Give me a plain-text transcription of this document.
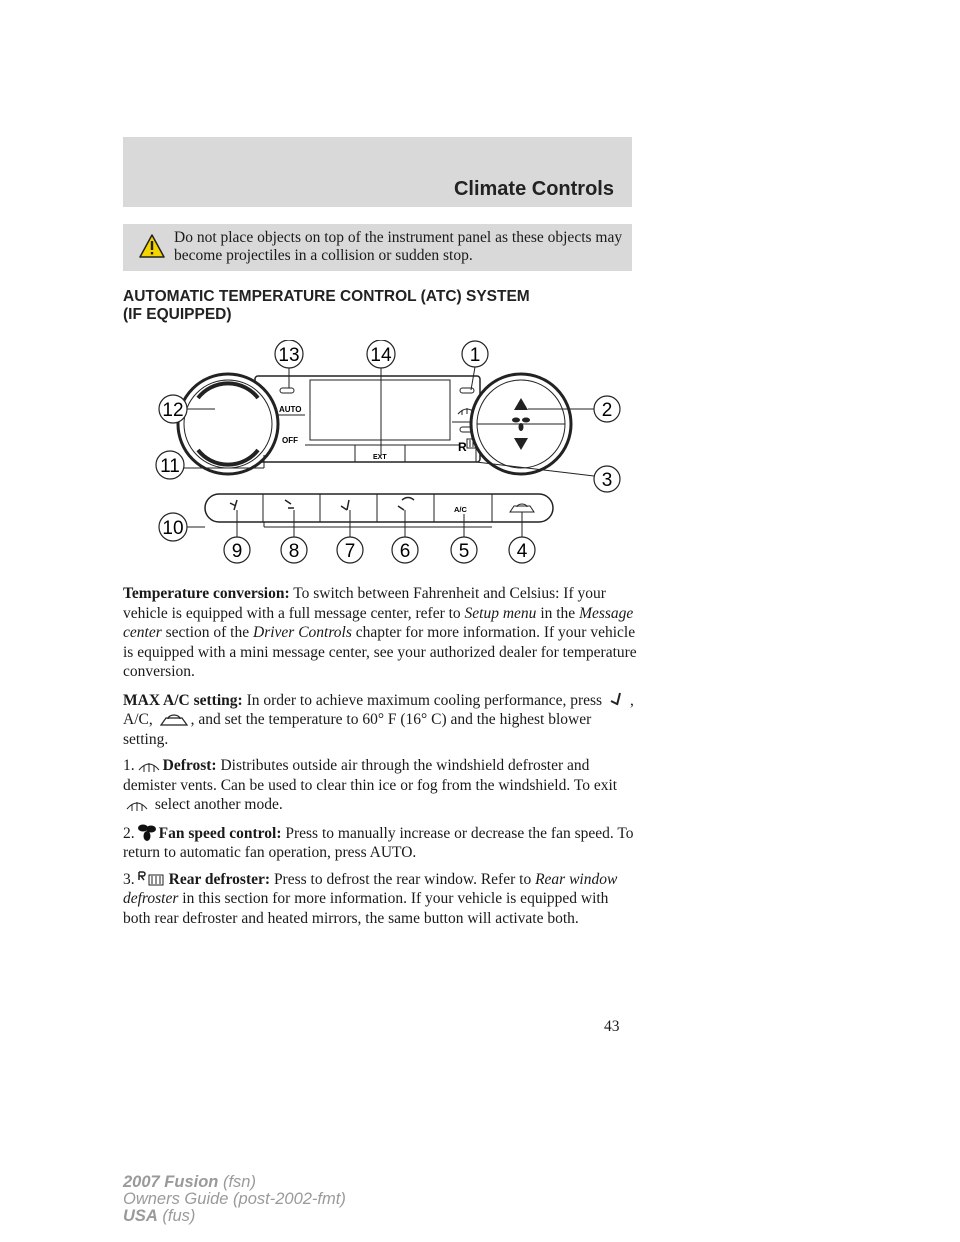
Climate Controls
Do not place objects on top of the instrument panel as these objects may become projectiles in a collision or sudden stop.
AUTOMATIC TEMPERATURE CONTROL (ATC) SYSTEM
(IF EQUIPPED)
AUTO
OFF
EXT
R
A/C
1
2
3
4
5
6
7
8
9
10
11
12
13	14

Temperature conversion: To switch between Fahrenheit and Celsius: If your vehicle is equipped with a full message center, refer to Setup menu in the Message center section of the Driver Controls chapter for more information. If your vehicle is equipped with a mini message center, see your authorized dealer for temperature conversion.

MAX A/C setting: In order to achieve maximum cooling performance, press , A/C, , and set the temperature to 60° F (16° C) and the highest blower setting.

1. Defrost: Distributes outside air through the windshield defroster and demister vents. Can be used to clear thin ice or fog from the windshield. To exit  select another mode.

2. Fan speed control: Press to manually increase or decrease the fan speed. To return to automatic fan operation, press AUTO.

3. Rear defroster: Press to defrost the rear window. Refer to Rear window defroster in this section for more information. If your vehicle is equipped with both rear defroster and heated mirrors, the same button will activate both.

43
2007 Fusion (fsn)
Owners Guide (post-2002-fmt)
USA (fus)
